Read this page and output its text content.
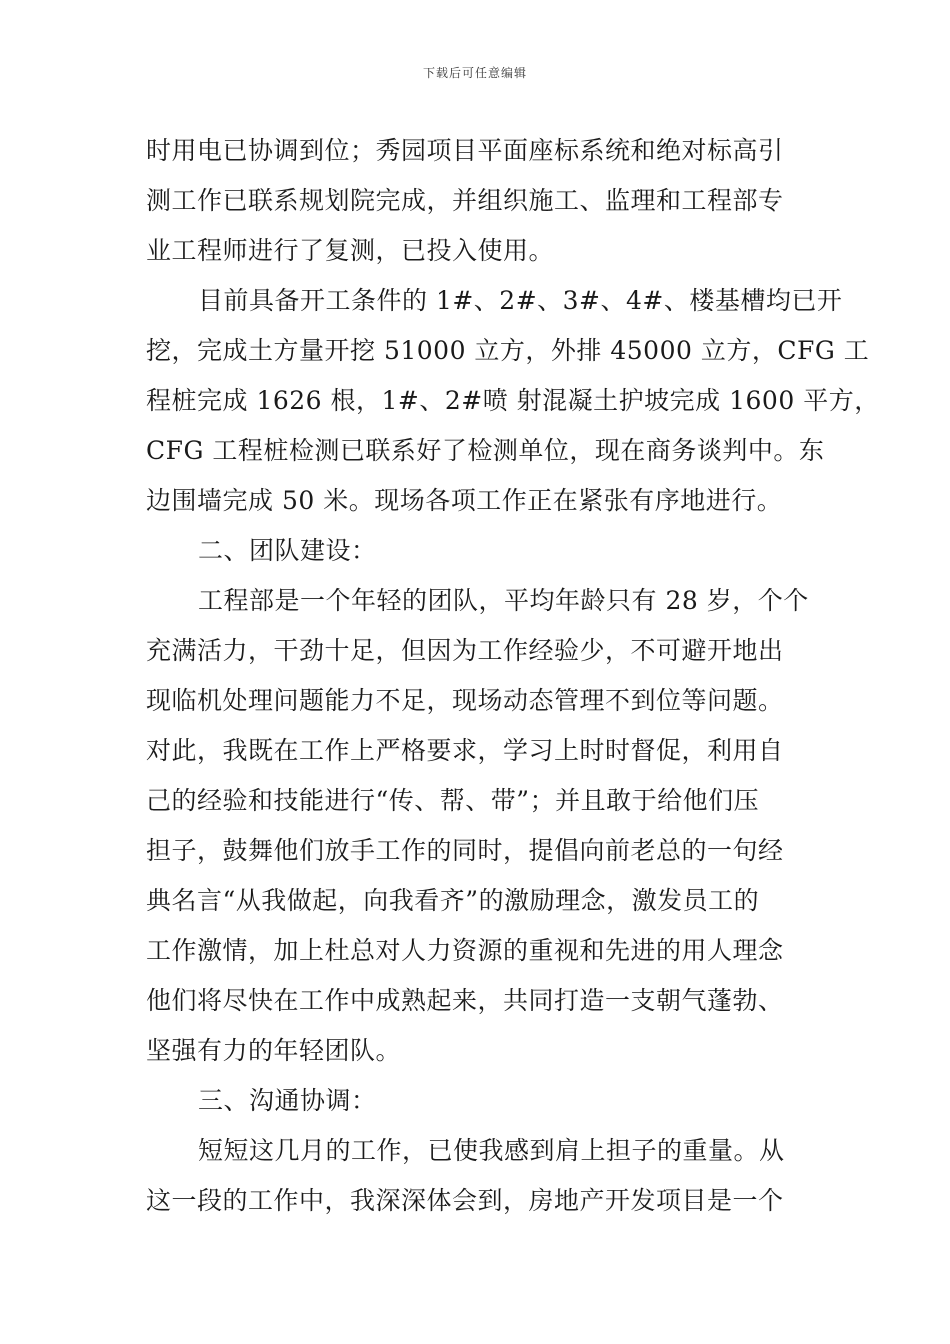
下载后可任意编辑
时用电已协调到位；秀园项目平面座标系统和绝对标高引
测工作已联系规划院完成，并组织施工、监理和工程部专
业工程师进行了复测，已投入使用。
目前具备开工条件的 1#、2#、3#、4#、楼基槽均已开
挖，完成土方量开挖 51000 立方，外排 45000 立方，CFG 工
程桩完成 1626 根，1#、2#喷 射混凝土护坡完成 1600 平方，
CFG 工程桩检测已联系好了检测单位，现在商务谈判中。东
边围墙完成 50 米。现场各项工作正在紧张有序地进行。
二、团队建设：
工程部是一个年轻的团队，平均年龄只有 28 岁，个个
充满活力，干劲十足，但因为工作经验少，不可避开地出
现临机处理问题能力不足，现场动态管理不到位等问题。
对此，我既在工作上严格要求，学习上时时督促，利用自
己的经验和技能进行“传、帮、带”；并且敢于给他们压
担子，鼓舞他们放手工作的同时，提倡向前老总的一句经
典名言“从我做起，向我看齐”的激励理念，激发员工的
工作激情，加上杜总对人力资源的重视和先进的用人理念
他们将尽快在工作中成熟起来，共同打造一支朝气蓬勃、
坚强有力的年轻团队。
三、沟通协调：
短短这几月的工作，已使我感到肩上担子的重量。从
这一段的工作中，我深深体会到，房地产开发项目是一个
